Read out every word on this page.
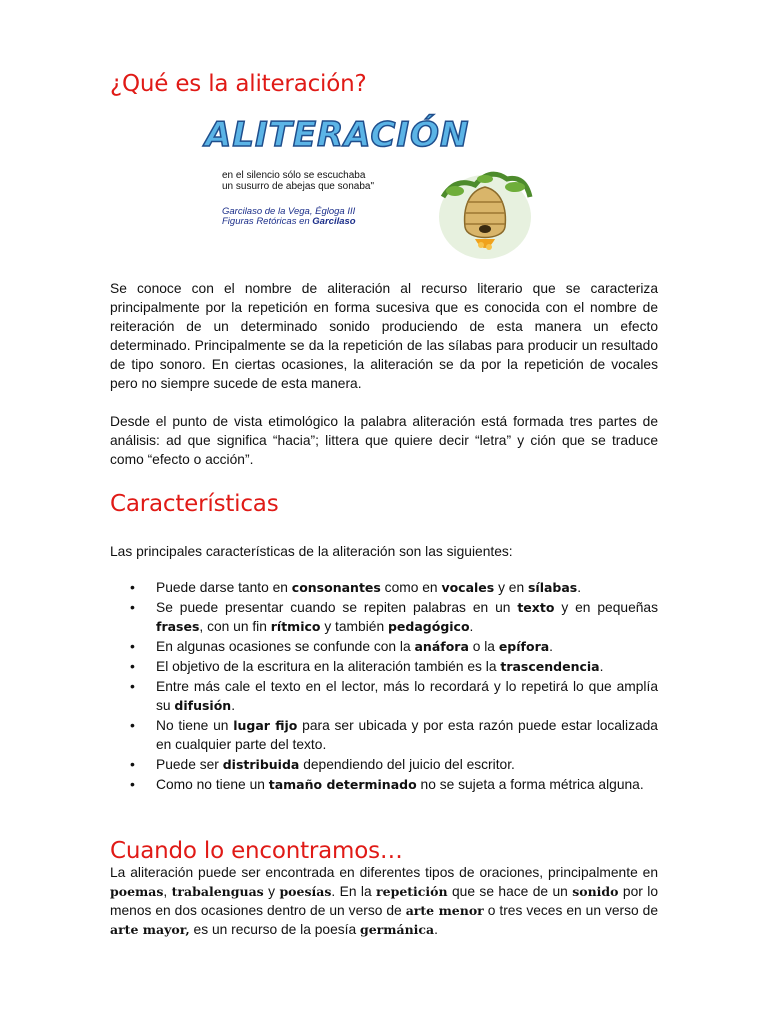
¿Qué es la aliteración?
ALITERACIÓN
en el silencio sólo se escuchaba
un susurro de abejas que sonaba"
Garcilaso de la Vega, Égloga III
Figuras Retóricas en Garcilaso

Se conoce con el nombre de aliteración al recurso literario que se caracteriza principalmente por la repetición en forma sucesiva que es conocida con el nombre de reiteración de un determinado sonido produciendo de esta manera un efecto determinado. Principalmente se da la repetición de las sílabas para producir un resultado de tipo sonoro. En ciertas ocasiones, la aliteración se da por la repetición de vocales pero no siempre sucede de esta manera.

Desde el punto de vista etimológico la palabra aliteración está formada tres partes de análisis: ad que significa “hacia”; littera que quiere decir “letra” y ción que se traduce como “efecto o acción”.

Características

Las principales características de la aliteración son las siguientes:

• Puede darse tanto en consonantes como en vocales y en sílabas.
• Se puede presentar cuando se repiten palabras en un texto y en pequeñas frases, con un fin rítmico y también pedagógico.
• En algunas ocasiones se confunde con la anáfora o la epífora.
• El objetivo de la escritura en la aliteración también es la trascendencia.
• Entre más cale el texto en el lector, más lo recordará y lo repetirá lo que amplía su difusión.
• No tiene un lugar fijo para ser ubicada y por esta razón puede estar localizada en cualquier parte del texto.
• Puede ser distribuida dependiendo del juicio del escritor.
• Como no tiene un tamaño determinado no se sujeta a forma métrica alguna.
Cuando lo encontramos…

La aliteración puede ser encontrada en diferentes tipos de oraciones, principalmente en poemas, trabalenguas y poesías. En la repetición que se hace de un sonido por lo menos en dos ocasiones dentro de un verso de arte menor o tres veces en un verso de arte mayor, es un recurso de la poesía germánica.
